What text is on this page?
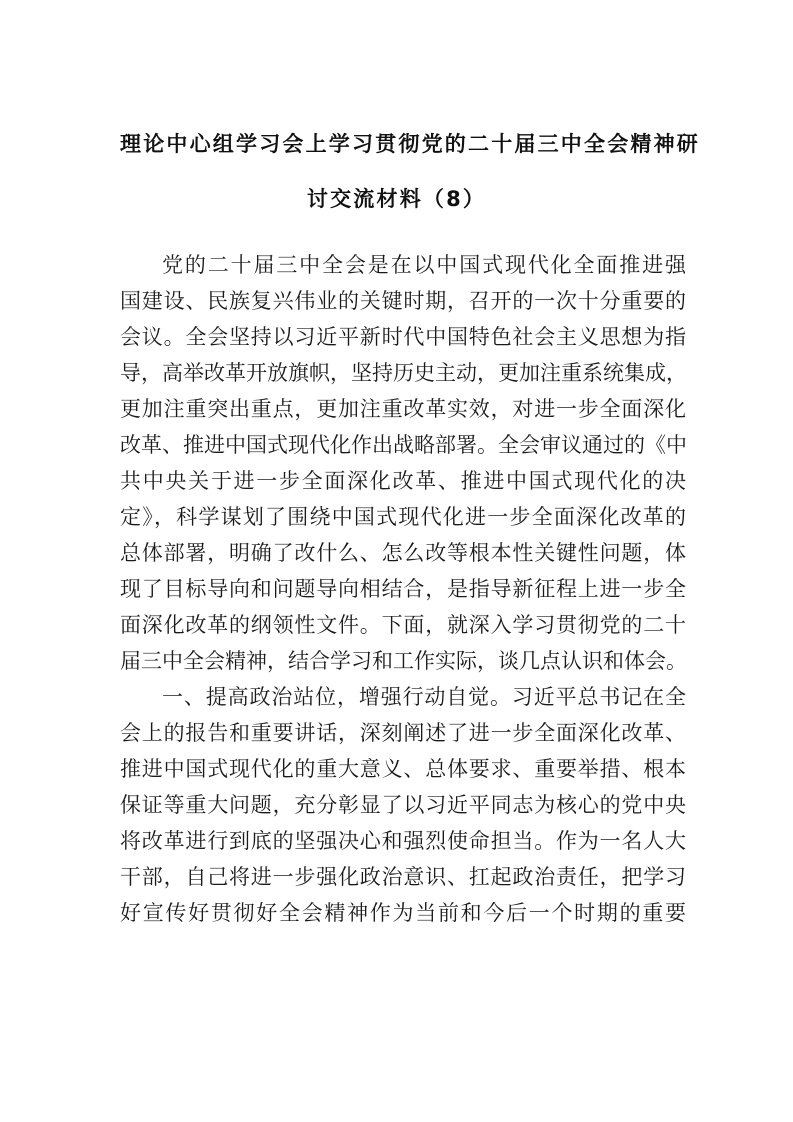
理论中心组学习会上学习贯彻党的二十届三中全会精神研
讨交流材料（8）
党的二十届三中全会是在以中国式现代化全面推进强
国建设、民族复兴伟业的关键时期，召开的一次十分重要的
会议。全会坚持以习近平新时代中国特色社会主义思想为指
导，高举改革开放旗帜，坚持历史主动，更加注重系统集成，
更加注重突出重点，更加注重改革实效，对进一步全面深化
改革、推进中国式现代化作出战略部署。全会审议通过的《中
共中央关于进一步全面深化改革、推进中国式现代化的决
定》，科学谋划了围绕中国式现代化进一步全面深化改革的
总体部署，明确了改什么、怎么改等根本性关键性问题，体
现了目标导向和问题导向相结合，是指导新征程上进一步全
面深化改革的纲领性文件。下面，就深入学习贯彻党的二十
届三中全会精神，结合学习和工作实际，谈几点认识和体会。
一、提高政治站位，增强行动自觉。习近平总书记在全
会上的报告和重要讲话，深刻阐述了进一步全面深化改革、
推进中国式现代化的重大意义、总体要求、重要举措、根本
保证等重大问题，充分彰显了以习近平同志为核心的党中央
将改革进行到底的坚强决心和强烈使命担当。作为一名人大
干部，自己将进一步强化政治意识、扛起政治责任，把学习
好宣传好贯彻好全会精神作为当前和今后一个时期的重要
